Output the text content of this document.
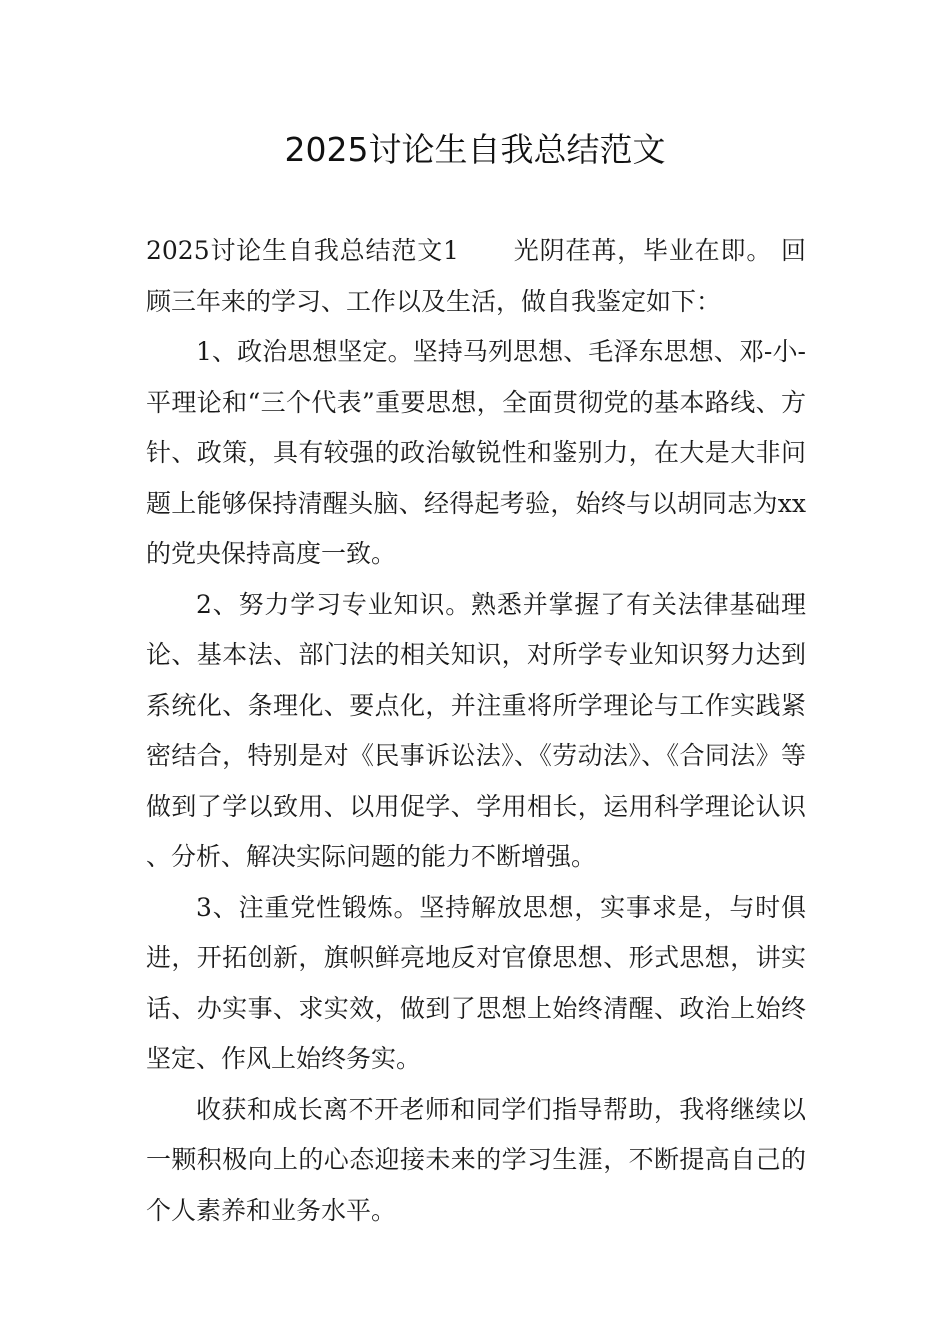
2025讨论生自我总结范文

2025讨论生自我总结范文1 光阴荏苒，毕业在即。 回顾三年来的学习、工作以及生活，做自我鉴定如下：

1、政治思想坚定。坚持马列思想、毛泽东思想、邓-小-平理论和“三个代表”重要思想，全面贯彻党的基本路线、方针、政策，具有较强的政治敏锐性和鉴别力，在大是大非问题上能够保持清醒头脑、经得起考验，始终与以胡同志为xx的党央保持高度一致。

2、努力学习专业知识。熟悉并掌握了有关法律基础理论、基本法、部门法的相关知识，对所学专业知识努力达到系统化、条理化、要点化，并注重将所学理论与工作实践紧密结合，特别是对《民事诉讼法》、《劳动法》、《合同法》等做到了学以致用、以用促学、学用相长，运用科学理论认识、分析、解决实际问题的能力不断增强。

3、注重党性锻炼。坚持解放思想，实事求是，与时俱进，开拓创新，旗帜鲜亮地反对官僚思想、形式思想，讲实话、办实事、求实效，做到了思想上始终清醒、政治上始终坚定、作风上始终务实。

收获和成长离不开老师和同学们指导帮助，我将继续以一颗积极向上的心态迎接未来的学习生涯，不断提高自己的个人素养和业务水平。
